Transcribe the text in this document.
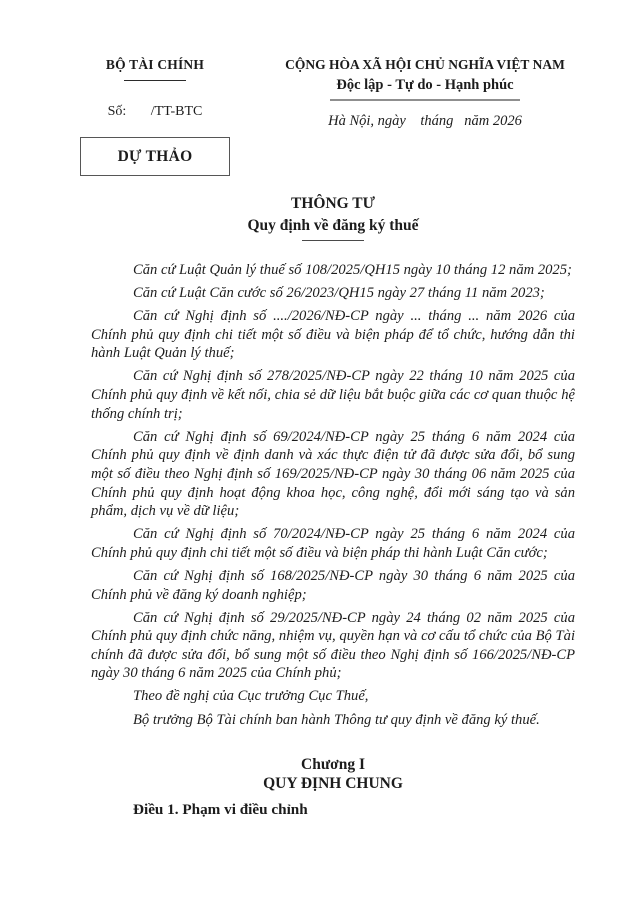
BỘ TÀI CHÍNH
Số:       /TT-BTC
DỰ THẢO
CỘNG HÒA XÃ HỘI CHỦ NGHĨA VIỆT NAM
Độc lập - Tự do - Hạnh phúc
Hà Nội, ngày    tháng   năm 2026
THÔNG TƯ
Quy định về đăng ký thuế

Căn cứ Luật Quản lý thuế số 108/2025/QH15 ngày 10 tháng 12 năm 2025;

Căn cứ Luật Căn cước số 26/2023/QH15 ngày 27 tháng 11 năm 2023;

Căn cứ Nghị định số ..../2026/NĐ-CP ngày ... tháng ... năm 2026 của Chính phủ quy định chi tiết một số điều và biện pháp để tổ chức, hướng dẫn thi hành Luật Quản lý thuế;

Căn cứ Nghị định số 278/2025/NĐ-CP ngày 22 tháng 10 năm 2025 của Chính phủ quy định về kết nối, chia sẻ dữ liệu bắt buộc giữa các cơ quan thuộc hệ thống chính trị;

Căn cứ Nghị định số 69/2024/NĐ-CP ngày 25 tháng 6 năm 2024 của Chính phủ quy định về định danh và xác thực điện tử đã được sửa đổi, bổ sung một số điều theo Nghị định số 169/2025/NĐ-CP ngày 30 tháng 06 năm 2025 của Chính phủ quy định hoạt động khoa học, công nghệ, đổi mới sáng tạo và sản phẩm, dịch vụ về dữ liệu;

Căn cứ Nghị định số 70/2024/NĐ-CP ngày 25 tháng 6 năm 2024 của Chính phủ quy định chi tiết một số điều và biện pháp thi hành Luật Căn cước;

Căn cứ Nghị định số 168/2025/NĐ-CP ngày 30 tháng 6 năm 2025 của Chính phủ về đăng ký doanh nghiệp;

Căn cứ Nghị định số 29/2025/NĐ-CP ngày 24 tháng 02 năm 2025 của Chính phủ quy định chức năng, nhiệm vụ, quyền hạn và cơ cấu tổ chức của Bộ Tài chính đã được sửa đổi, bổ sung một số điều theo Nghị định số 166/2025/NĐ-CP ngày 30 tháng 6 năm 2025 của Chính phủ;

Theo đề nghị của Cục trưởng Cục Thuế,

Bộ trưởng Bộ Tài chính ban hành Thông tư quy định về đăng ký thuế.

Chương I
QUY ĐỊNH CHUNG
Điều 1. Phạm vi điều chỉnh
